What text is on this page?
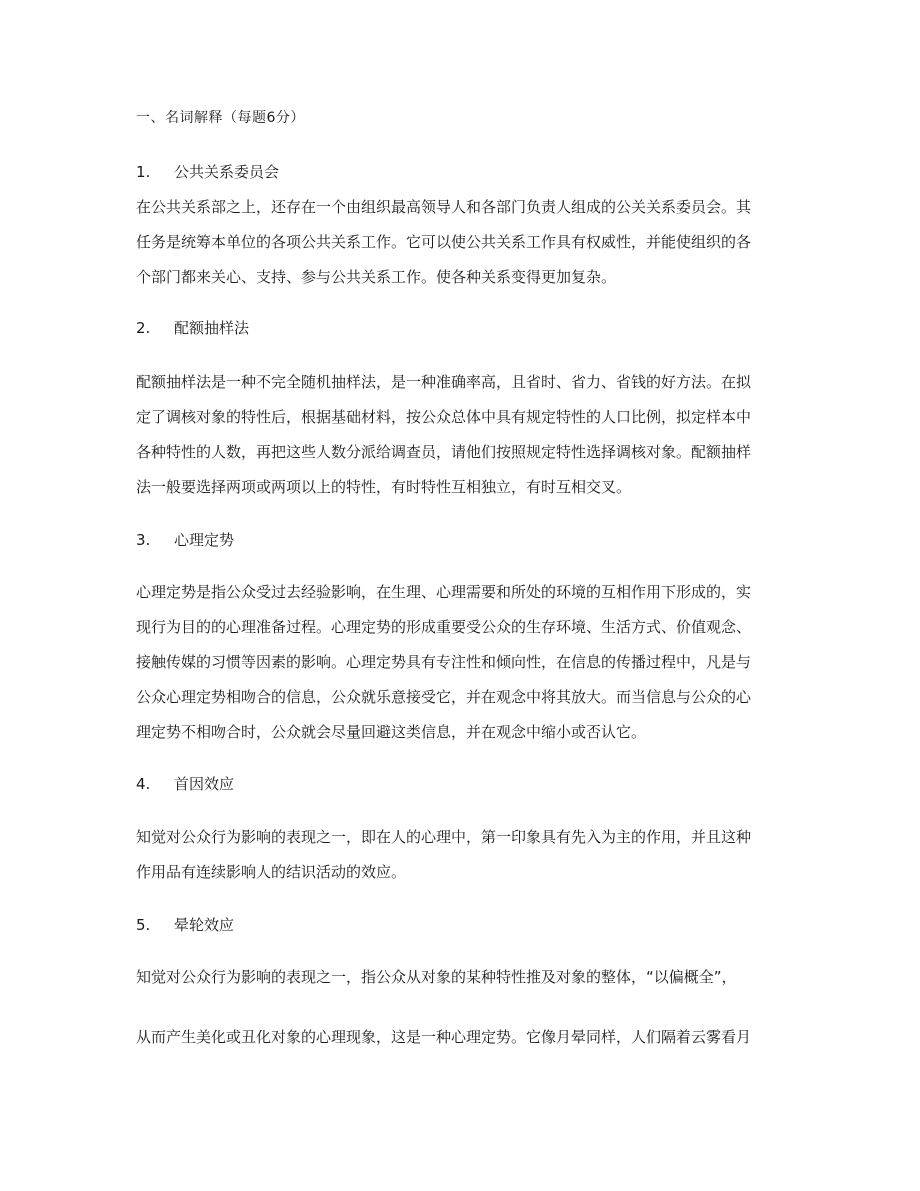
一、名词解释（每题6分）
1. 公共关系委员会
在公共关系部之上，还存在一个由组织最高领导人和各部门负责人组成的公关关系委员会。其
任务是统筹本单位的各项公共关系工作。它可以使公共关系工作具有权威性，并能使组织的各
个部门都来关心、支持、参与公共关系工作。使各种关系变得更加复杂。
2. 配额抽样法
配额抽样法是一种不完全随机抽样法，是一种准确率高，且省时、省力、省钱的好方法。在拟
定了调核对象的特性后，根据基础材料，按公众总体中具有规定特性的人口比例，拟定样本中
各种特性的人数，再把这些人数分派给调查员，请他们按照规定特性选择调核对象。配额抽样
法一般要选择两项或两项以上的特性，有时特性互相独立，有时互相交叉。
3. 心理定势
心理定势是指公众受过去经验影响，在生理、心理需要和所处的环境的互相作用下形成的，实
现行为目的的心理准备过程。心理定势的形成重要受公众的生存环境、生活方式、价值观念、
接触传媒的习惯等因素的影响。心理定势具有专注性和倾向性，在信息的传播过程中，凡是与
公众心理定势相吻合的信息，公众就乐意接受它，并在观念中将其放大。而当信息与公众的心
理定势不相吻合时，公众就会尽量回避这类信息，并在观念中缩小或否认它。
4. 首因效应
知觉对公众行为影响的表现之一，即在人的心理中，第一印象具有先入为主的作用，并且这种
作用品有连续影响人的结识活动的效应。
5. 晕轮效应
知觉对公众行为影响的表现之一，指公众从对象的某种特性推及对象的整体，“以偏概全”，
从而产生美化或丑化对象的心理现象，这是一种心理定势。它像月晕同样，人们隔着云雾看月
